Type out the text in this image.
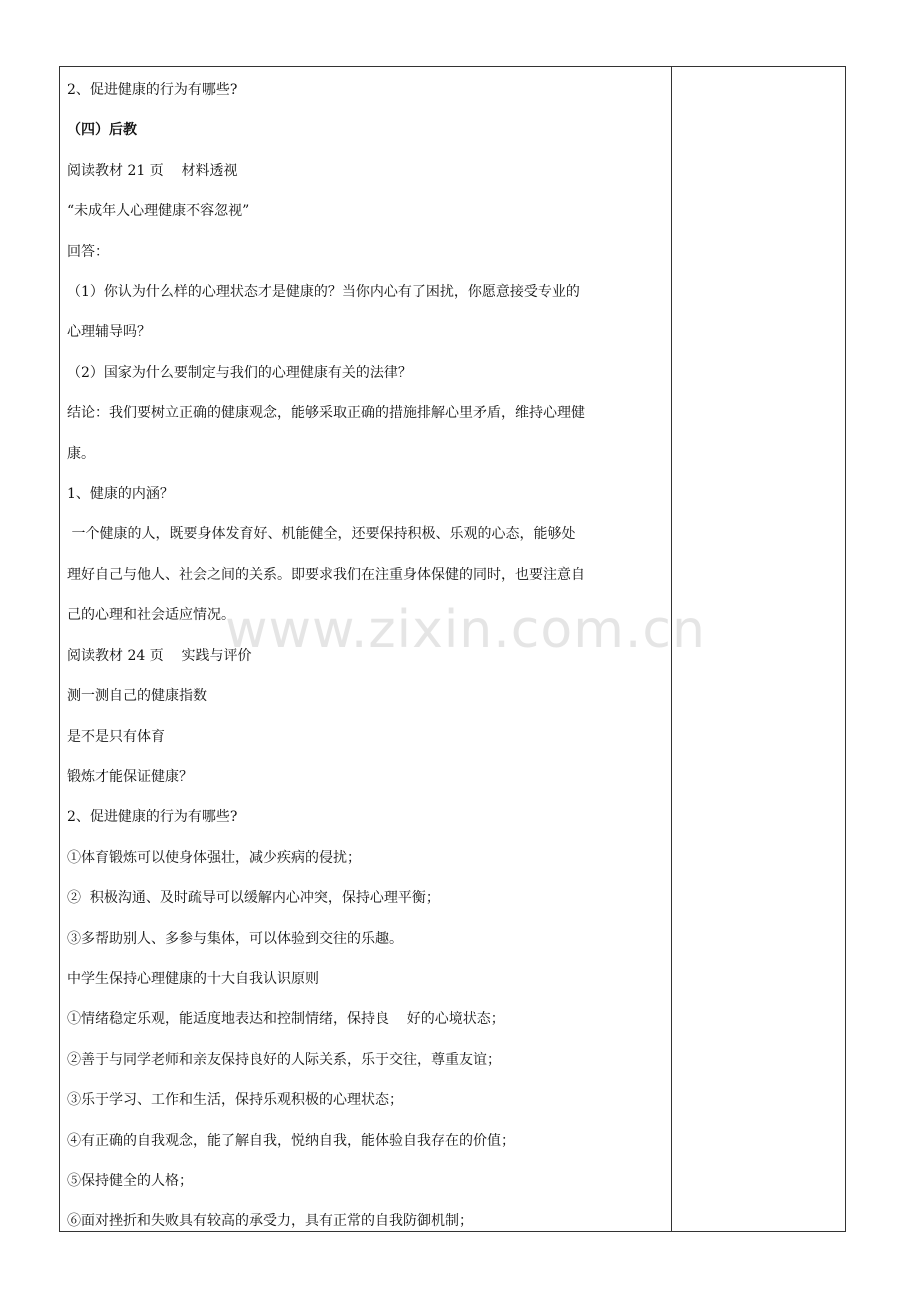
2、促进健康的行为有哪些?
（四）后教
阅读教材 21 页    材料透视
“未成年人心理健康不容忽视”
回答：
（1）你认为什么样的心理状态才是健康的？当你内心有了困扰，你愿意接受专业的
心理辅导吗？
（2）国家为什么要制定与我们的心理健康有关的法律？
结论：我们要树立正确的健康观念，能够采取正确的措施排解心里矛盾，维持心理健
康。
1、健康的内涵？
一个健康的人，既要身体发育好、机能健全，还要保持积极、乐观的心态，能够处
理好自己与他人、社会之间的关系。即要求我们在注重身体保健的同时，也要注意自
己的心理和社会适应情况。
阅读教材 24 页    实践与评价
测一测自己的健康指数
是不是只有体育
锻炼才能保证健康？
2、促进健康的行为有哪些?
①体育锻炼可以使身体强壮，减少疾病的侵扰；
②  积极沟通、及时疏导可以缓解内心冲突，保持心理平衡；
③多帮助别人、多参与集体，可以体验到交往的乐趣。
中学生保持心理健康的十大自我认识原则
①情绪稳定乐观，能适度地表达和控制情绪，保持良    好的心境状态；
②善于与同学老师和亲友保持良好的人际关系，乐于交往，尊重友谊；
③乐于学习、工作和生活，保持乐观积极的心理状态；
④有正确的自我观念，能了解自我，悦纳自我，能体验自我存在的价值；
⑤保持健全的人格；
⑥面对挫折和失败具有较高的承受力，具有正常的自我防御机制；
www.zixin.com.cn
